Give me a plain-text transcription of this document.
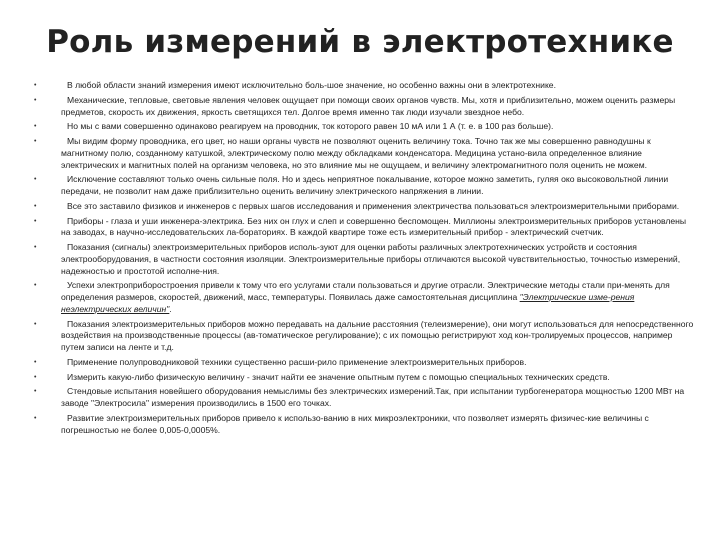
Роль измерений в электротехнике
•	В любой области знаний измерения имеют исключительно боль-шое значение, но особенно важны они в электротехнике.
•	Механические, тепловые, световые явления человек ощущает при помощи своих органов чувств. Мы, хотя и приблизительно, можем оценить размеры предметов, скорость их движения, яркость светящихся тел. Долгое время именно так люди изучали звездное небо.
•	Но мы с вами совершенно одинаково реагируем на проводник, ток которого равен 10 мА или 1 А (т. е. в 100 раз больше).
•	Мы видим форму проводника, его цвет, но наши органы чувств не позволяют оценить величину тока. Точно так же мы совершенно равнодушны к магнитному полю, созданному катушкой, электрическому полю между обкладками конденсатора. Медицина устано-вила определенное влияние электрических и магнитных полей на организм человека, но это влияние мы не ощущаем, и величину электромагнитного поля оценить не можем.
•	Исключение составляют только очень сильные поля. Но и здесь неприятное покалывание, которое можно заметить, гуляя око высоковольтной линии передачи, не позволит нам даже приблизительно оценить величину электрического напряжения в линии.
•	Все это заставило физиков и инженеров с первых шагов исследования и применения электричества пользоваться электроизмерительными приборами.
•	Приборы - глаза и уши инженера-электрика. Без них он глух и слеп и совершенно беспомощен. Миллионы электроизмерительных приборов установлены на заводах, в научно-исследовательских ла-бораториях. В каждой квартире тоже есть измерительный прибор - электрический счетчик.
•	Показания (сигналы) электроизмерительных приборов исполь-зуют для оценки работы различных электротехнических устройств и состояния электрооборудования, в частности состояния изоляции. Электроизмерительные приборы отличаются высокой чувствительностью, точностью измерений, надежностью и простотой исполне-ния.
•	Успехи электроприборостроения привели к тому что его услугами стали пользоваться и другие отрасли. Электрические методы стали при-менять для определения размеров, скоростей, движений, масс, температуры. Появилась даже самостоятельная дисциплина "Электрические изме-рения неэлектрических величин".
•	Показания электроизмерительных приборов можно передавать на дальние расстояния (телеизмерение), они могут использоваться для непосредственного воздействия на производственные процессы (ав-томатическое регулирование); с их помощью регистрируют ход кон-тролируемых процессов, например путем записи на ленте и т.д.
•	Применение полупроводниковой техники существенно расши-рило применение электроизмерительных приборов.
•	Измерить какую-либо физическую величину - значит найти ее значение опытным путем с помощью специальных технических средств.
•	Стендовые испытания новейшего оборудования немыслимы без электрических измерений.Так, при испытании турбогенератора мощностью 1200 МВт на заводе "Электросила" измерения производились в 1500 его точках.
•	Развитие электроизмерительных приборов привело к использо-ванию в них микроэлектроники, что позволяет измерять физичес-кие величины с погрешностью не более 0,005-0,0005%.
